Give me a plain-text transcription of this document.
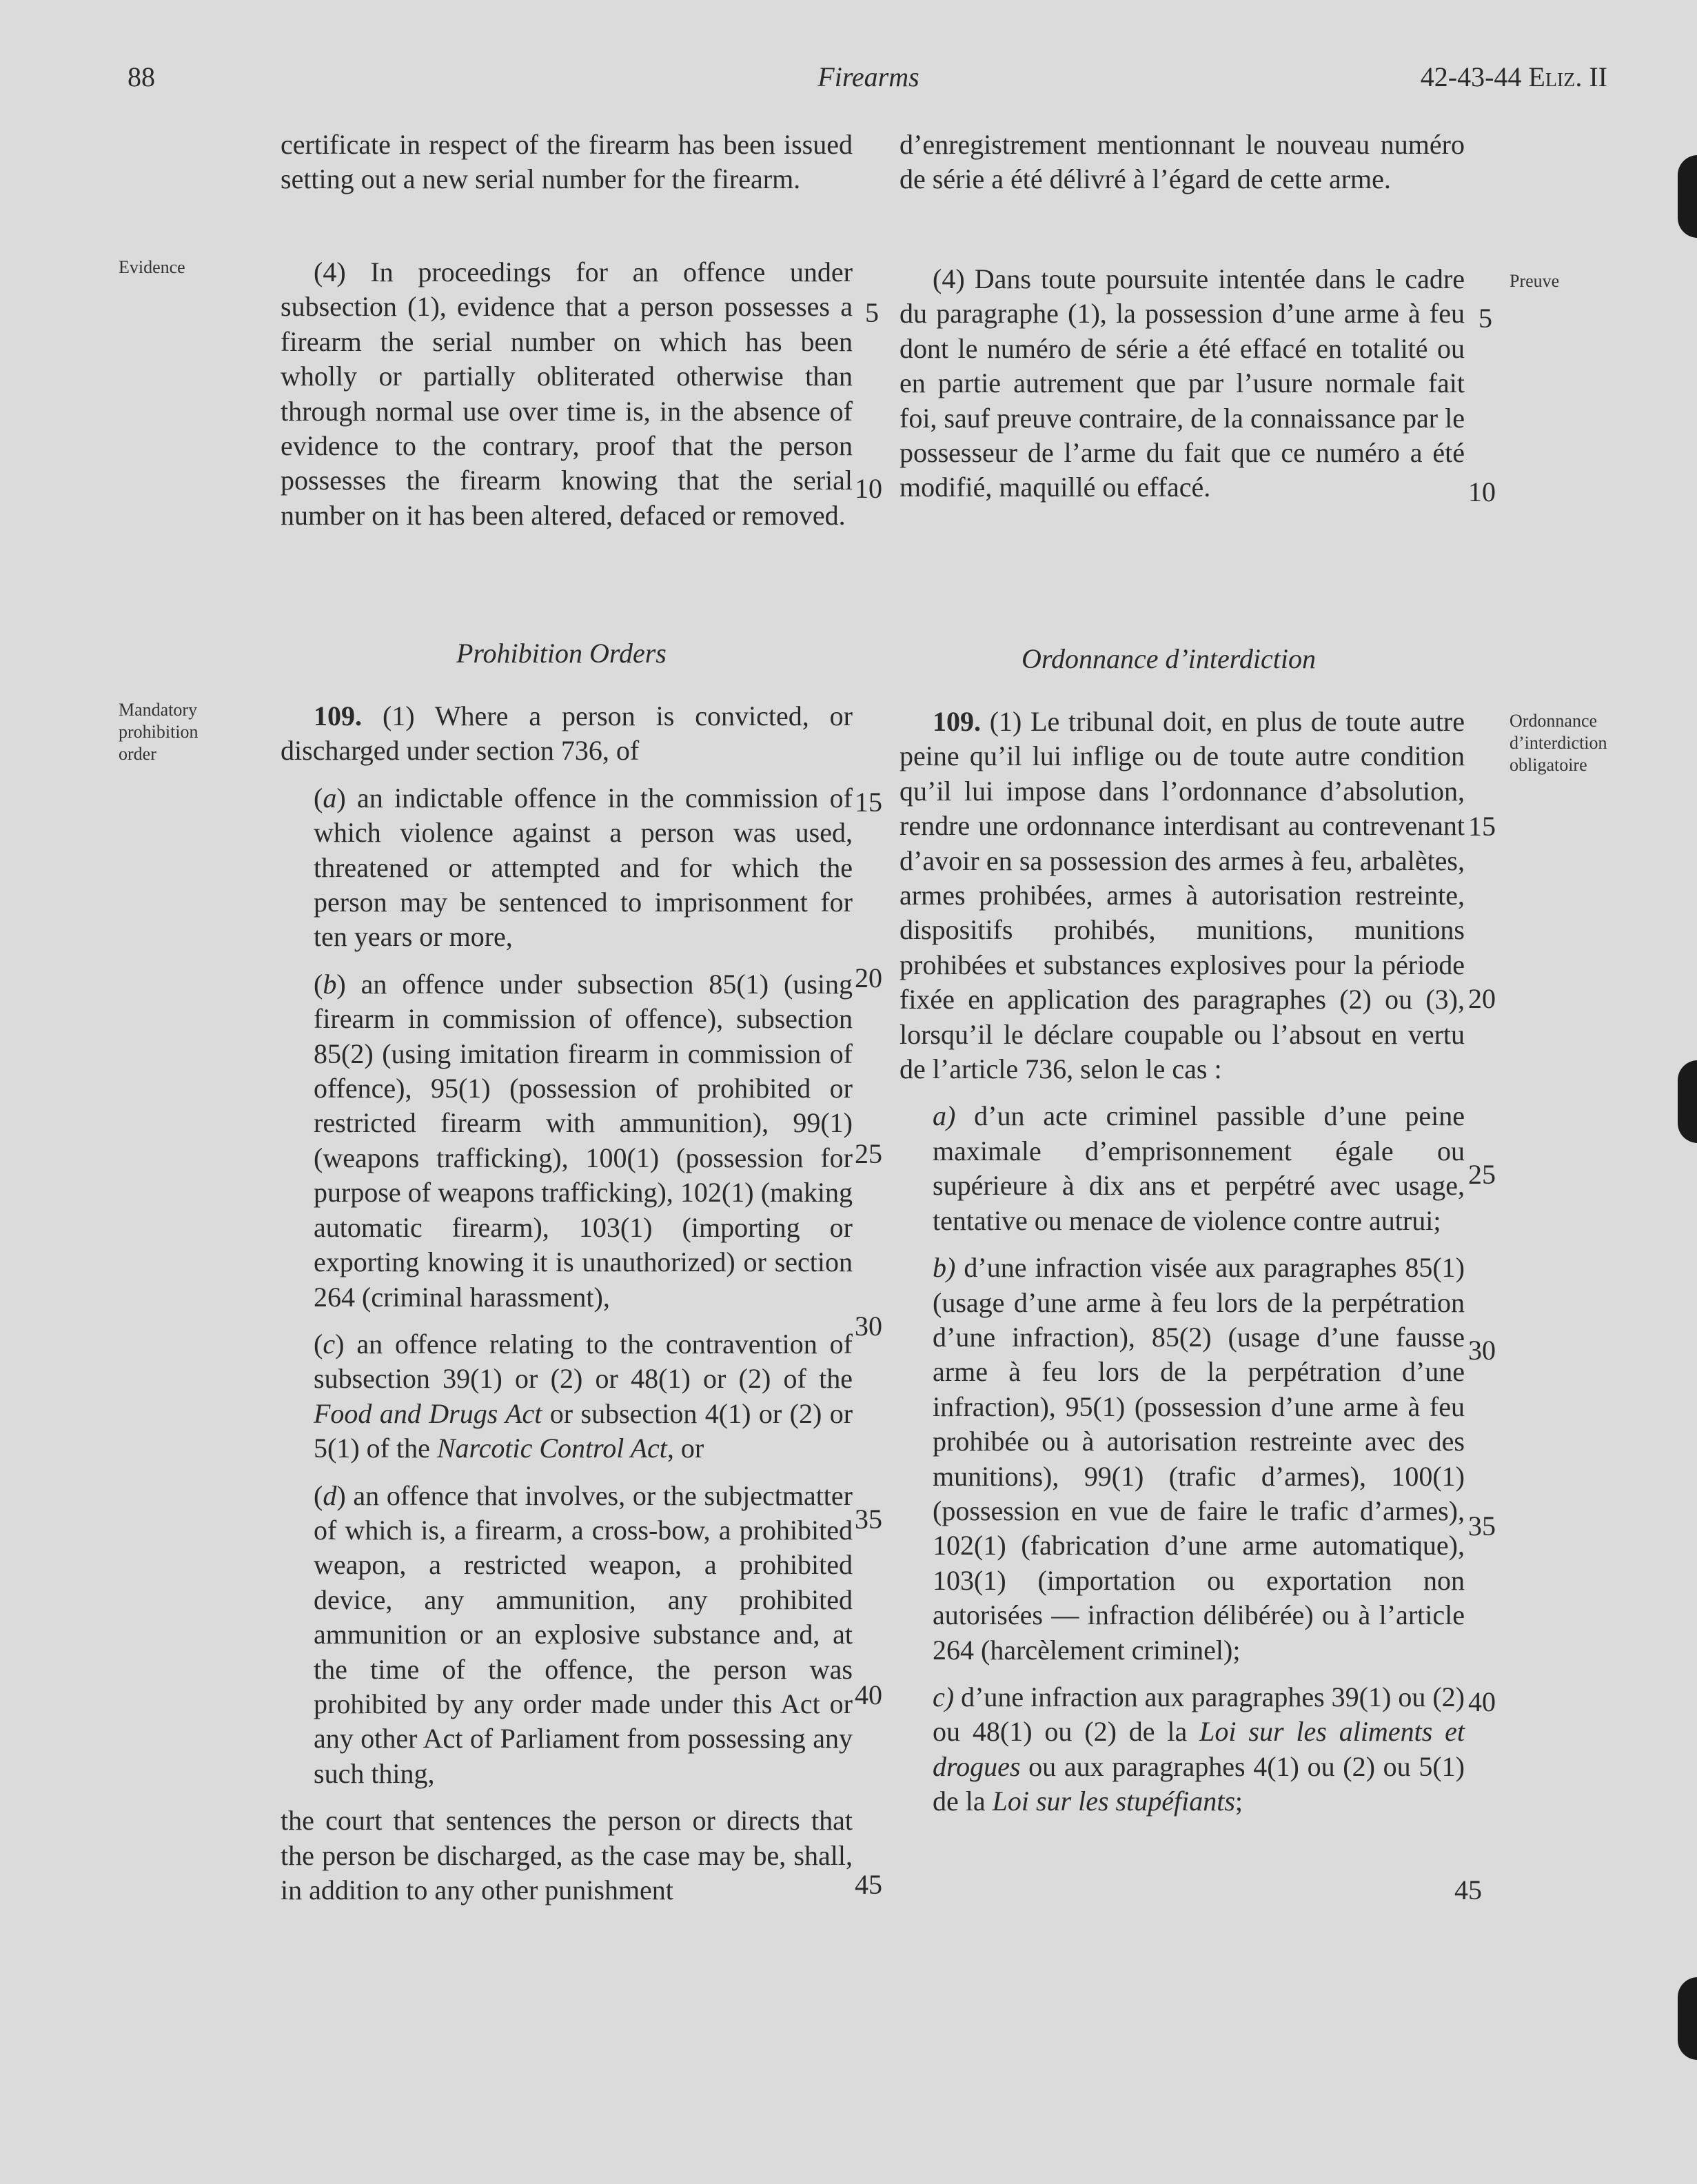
88	Firearms	42-43-44 Eliz. II
Evidence
Preuve
Mandatory prohibition order
Ordonnance d’interdiction obligatoire
Prohibition Orders	Ordonnance d’interdiction

certificate in respect of the firearm has been issued setting out a new serial number for the firearm.

(4) In proceedings for an offence under subsection (1), evidence that a person possesses a firearm the serial number on which has been wholly or partially obliterated otherwise than through normal use over time is, in the absence of evidence to the contrary, proof that the person possesses the firearm knowing that the serial number on it has been altered, defaced or removed.

109. (1) Where a person is convicted, or discharged under section 736, of

(a) an indictable offence in the commission of which violence against a person was used, threatened or attempted and for which the person may be sentenced to imprisonment for ten years or more,

(b) an offence under subsection 85(1) (using firearm in commission of offence), subsection 85(2) (using imitation firearm in commission of offence), 95(1) (possession of prohibited or restricted firearm with ammunition), 99(1) (weapons trafficking), 100(1) (possession for purpose of weapons trafficking), 102(1) (making automatic firearm), 103(1) (importing or exporting knowing it is unauthorized) or section 264 (criminal harassment),

(c) an offence relating to the contravention of subsection 39(1) or (2) or 48(1) or (2) of the Food and Drugs Act or subsection 4(1) or (2) or 5(1) of the Narcotic Control Act, or

(d) an offence that involves, or the subjectmatter of which is, a firearm, a cross-bow, a prohibited weapon, a restricted weapon, a prohibited device, any ammunition, any prohibited ammunition or an explosive substance and, at the time of the offence, the person was prohibited by any order made under this Act or any other Act of Parliament from possessing any such thing,

the court that sentences the person or directs that the person be discharged, as the case may be, shall, in addition to any other punishment

d’enregistrement mentionnant le nouveau numéro de série a été délivré à l’égard de cette arme.

(4) Dans toute poursuite intentée dans le cadre du paragraphe (1), la possession d’une arme à feu dont le numéro de série a été effacé en totalité ou en partie autrement que par l’usure normale fait foi, sauf preuve contraire, de la connaissance par le possesseur de l’arme du fait que ce numéro a été modifié, maquillé ou effacé.

109. (1) Le tribunal doit, en plus de toute autre peine qu’il lui inflige ou de toute autre condition qu’il lui impose dans l’ordonnance d’absolution, rendre une ordonnance interdisant au contrevenant d’avoir en sa possession des armes à feu, arbalètes, armes prohibées, armes à autorisation restreinte, dispositifs prohibés, munitions, munitions prohibées et substances explosives pour la période fixée en application des paragraphes (2) ou (3), lorsqu’il le déclare coupable ou l’absout en vertu de l’article 736, selon le cas :

a) d’un acte criminel passible d’une peine maximale d’emprisonnement égale ou supérieure à dix ans et perpétré avec usage, tentative ou menace de violence contre autrui;

b) d’une infraction visée aux paragraphes 85(1) (usage d’une arme à feu lors de la perpétration d’une infraction), 85(2) (usage d’une fausse arme à feu lors de la perpétration d’une infraction), 95(1) (possession d’une arme à feu prohibée ou à autorisation restreinte avec des munitions), 99(1) (trafic d’armes), 100(1) (possession en vue de faire le trafic d’armes), 102(1) (fabrication d’une arme automatique), 103(1) (importation ou exportation non autorisées — infraction délibérée) ou à l’article 264 (harcèlement criminel);

c) d’une infraction aux paragraphes 39(1) ou (2) ou 48(1) ou (2) de la Loi sur les aliments et drogues ou aux paragraphes 4(1) ou (2) ou 5(1) de la Loi sur les stupéfiants;

5
10
15
20
25
30
35
40
45
5
10
15
20
25
30
35
40
45
